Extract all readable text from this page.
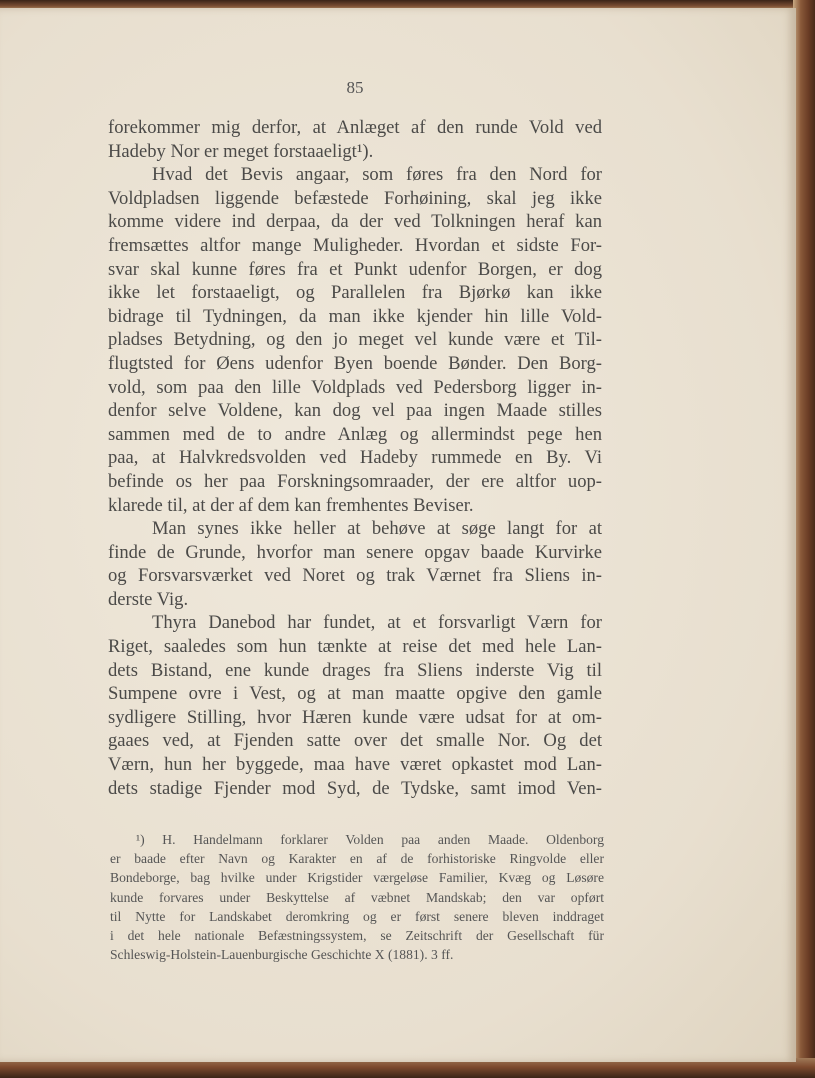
85
forekommer mig derfor, at Anlæget af den runde Vold ved
Hadeby Nor er meget forstaaeligt¹).
Hvad det Bevis angaar, som føres fra den Nord for
Voldpladsen liggende befæstede Forhøining, skal jeg ikke
komme videre ind derpaa, da der ved Tolkningen heraf kan
fremsættes altfor mange Muligheder. Hvordan et sidste For-
svar skal kunne føres fra et Punkt udenfor Borgen, er dog
ikke let forstaaeligt, og Parallelen fra Bjørkø kan ikke
bidrage til Tydningen, da man ikke kjender hin lille Vold-
pladses Betydning, og den jo meget vel kunde være et Til-
flugtsted for Øens udenfor Byen boende Bønder. Den Borg-
vold, som paa den lille Voldplads ved Pedersborg ligger in-
denfor selve Voldene, kan dog vel paa ingen Maade stilles
sammen med de to andre Anlæg og allermindst pege hen
paa, at Halvkredsvolden ved Hadeby rummede en By. Vi
befinde os her paa Forskningsomraader, der ere altfor uop-
klarede til, at der af dem kan fremhentes Beviser.
Man synes ikke heller at behøve at søge langt for at
finde de Grunde, hvorfor man senere opgav baade Kurvirke
og Forsvarsværket ved Noret og trak Værnet fra Sliens in-
derste Vig.
Thyra Danebod har fundet, at et forsvarligt Værn for
Riget, saaledes som hun tænkte at reise det med hele Lan-
dets Bistand, ene kunde drages fra Sliens inderste Vig til
Sumpene ovre i Vest, og at man maatte opgive den gamle
sydligere Stilling, hvor Hæren kunde være udsat for at om-
gaaes ved, at Fjenden satte over det smalle Nor. Og det
Værn, hun her byggede, maa have været opkastet mod Lan-
dets stadige Fjender mod Syd, de Tydske, samt imod Ven-
¹) H. Handelmann forklarer Volden paa anden Maade. Oldenborg
er baade efter Navn og Karakter en af de forhistoriske Ringvolde eller
Bondeborge, bag hvilke under Krigstider værgeløse Familier, Kvæg og Løsøre
kunde forvares under Beskyttelse af væbnet Mandskab; den var opført
til Nytte for Landskabet deromkring og er først senere bleven inddraget
i det hele nationale Befæstningssystem, se Zeitschrift der Gesellschaft für
Schleswig-Holstein-Lauenburgische Geschichte X (1881). 3 ff.
